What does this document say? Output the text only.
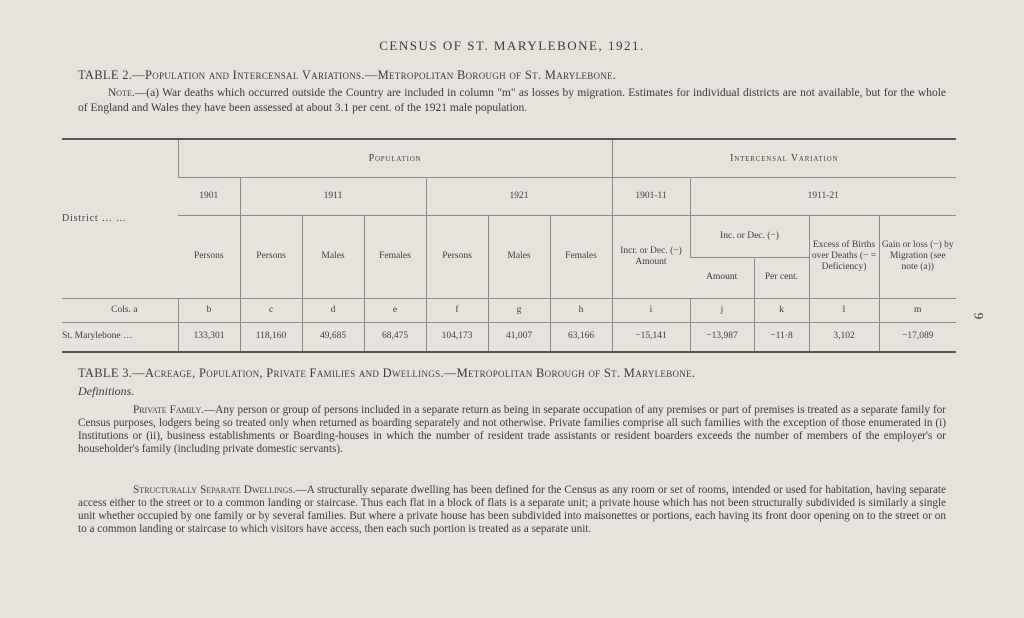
CENSUS OF ST. MARYLEBONE, 1921.
TABLE 2.—Population and Intercensal Variations.—Metropolitan Borough of St. Marylebone.
Note.—(a) War deaths which occurred outside the Country are included in column "m" as losses by migration. Estimates for individual districts are not available, but for the whole of England and Wales they have been assessed at about 3.1 per cent. of the 1921 male population.
District … …	Population							Intercensal Variation				
	1901	1911			1921			1901-11	1911-21			
	Persons	Persons	Males	Females	Persons	Males	Females	Incr. or Dec. (−) Amount	Inc. or Dec. (−)		Excess of Births over Deaths (− = Deficiency)	Gain or loss (−) by Migration (see note (a))
									Amount	Per cent.		
Cols. a	b	c	d	e	f	g	h	i	j	k	l	m
St. Marylebone …	133,301	118,160	49,685	68,475	104,173	41,007	63,166	−15,141	−13,987	−11·8	3,102	−17,089
9
TABLE 3.—Acreage, Population, Private Families and Dwellings.—Metropolitan Borough of St. Marylebone.
Definitions.

Private Family.—Any person or group of persons included in a separate return as being in separate occupation of any premises or part of premises is treated as a separate family for Census purposes, lodgers being so treated only when returned as boarding separately and not otherwise. Private families comprise all such families with the exception of those enumerated in (i) Institutions or (ii), business establishments or Boarding-houses in which the number of resident trade assistants or resident boarders exceeds the number of members of the employer's or householder's family (including private domestic servants).

Structurally Separate Dwellings.—A structurally separate dwelling has been defined for the Census as any room or set of rooms, intended or used for habitation, having separate access either to the street or to a common landing or staircase. Thus each flat in a block of flats is a separate unit; a private house which has not been structurally subdivided is similarly a single unit whether occupied by one family or by several families. But where a private house has been subdivided into maisonettes or portions, each having its front door opening on to the street or on to a common landing or staircase to which visitors have access, then each such portion is treated as a separate unit.
